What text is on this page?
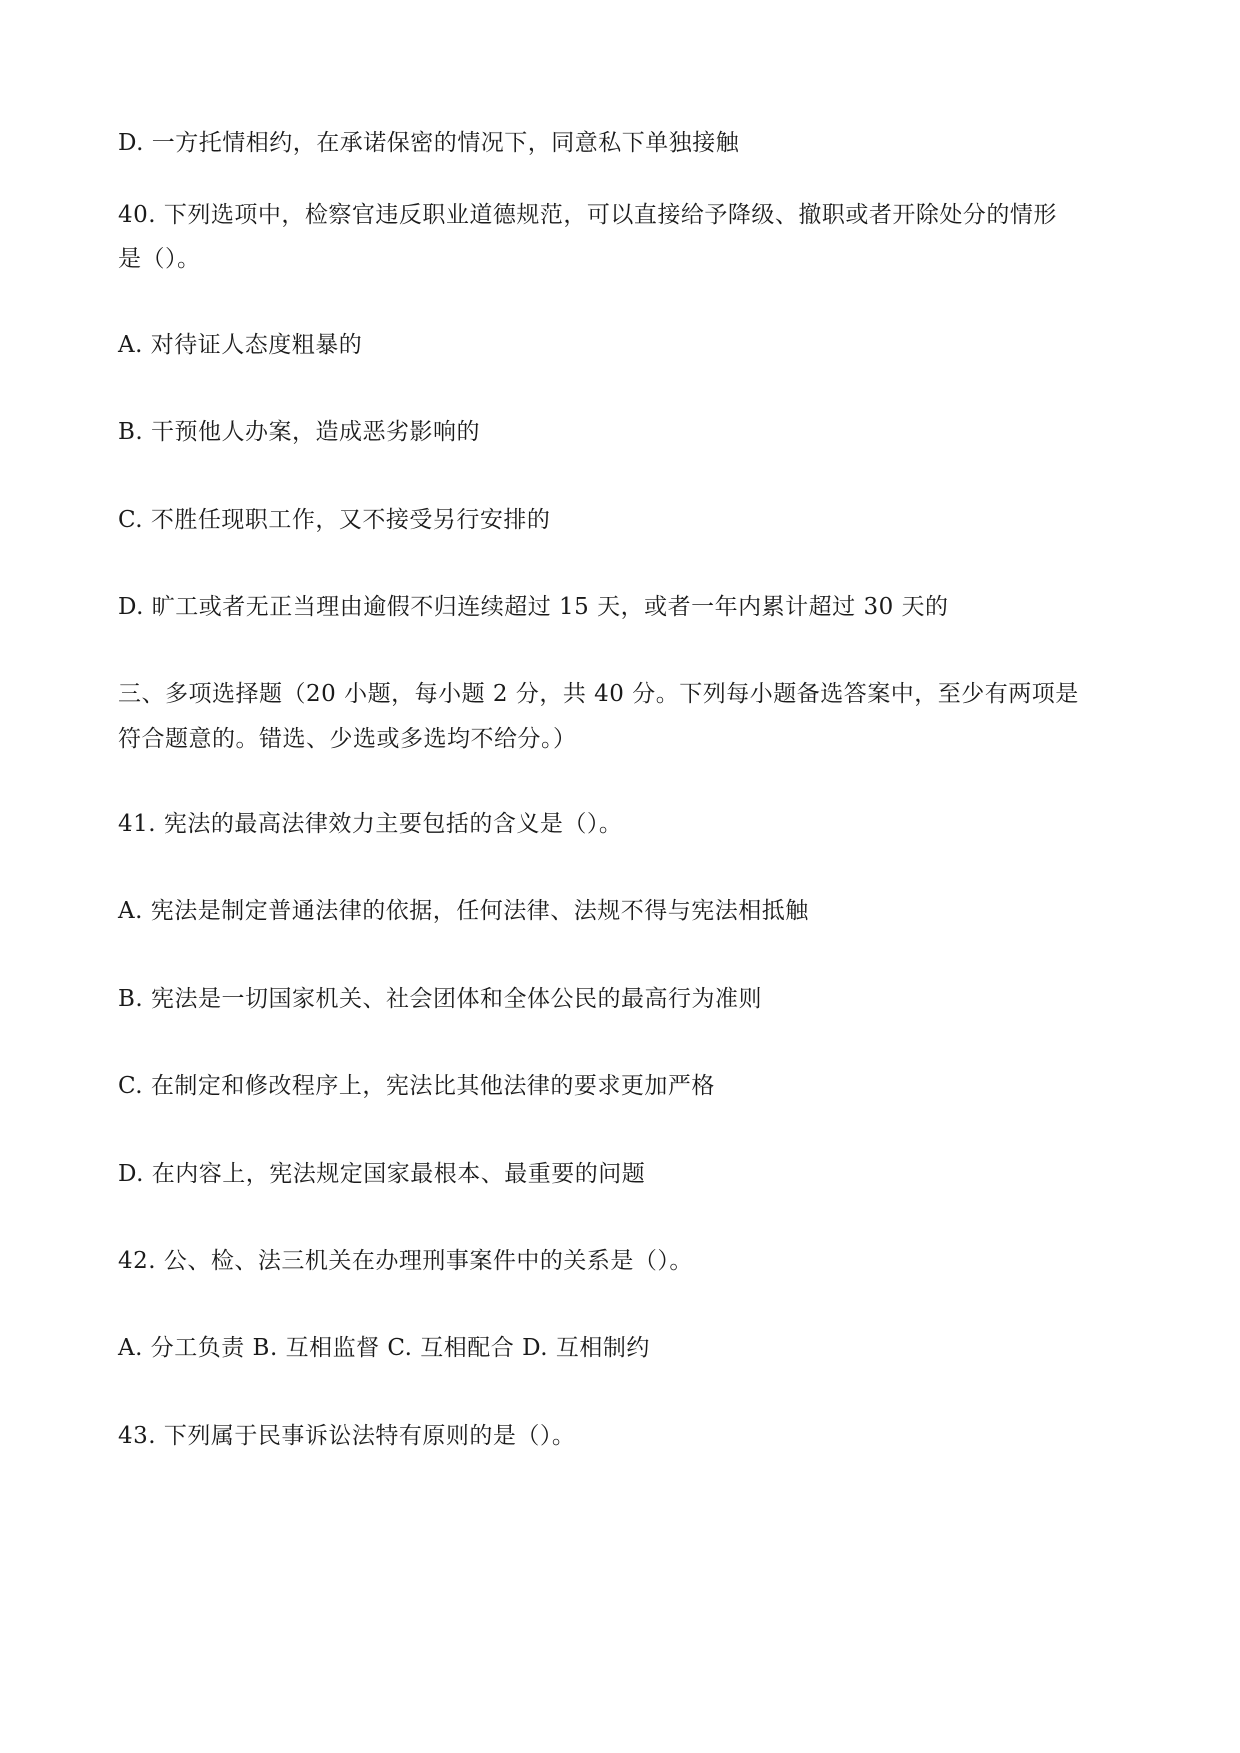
D. 一方托情相约，在承诺保密的情况下，同意私下单独接触
40. 下列选项中，检察官违反职业道德规范，可以直接给予降级、撤职或者开除处分的情形
是（）。
A. 对待证人态度粗暴的
B. 干预他人办案，造成恶劣影响的
C. 不胜任现职工作，又不接受另行安排的
D. 旷工或者无正当理由逾假不归连续超过 15 天，或者一年内累计超过 30 天的
三、多项选择题（20 小题，每小题 2 分，共 40 分。下列每小题备选答案中，至少有两项是
符合题意的。错选、少选或多选均不给分。）
41. 宪法的最高法律效力主要包括的含义是（）。
A. 宪法是制定普通法律的依据，任何法律、法规不得与宪法相抵触
B. 宪法是一切国家机关、社会团体和全体公民的最高行为准则
C. 在制定和修改程序上，宪法比其他法律的要求更加严格
D. 在内容上，宪法规定国家最根本、最重要的问题
42. 公、检、法三机关在办理刑事案件中的关系是（）。
A. 分工负责 B. 互相监督 C. 互相配合 D. 互相制约
43. 下列属于民事诉讼法特有原则的是（）。
